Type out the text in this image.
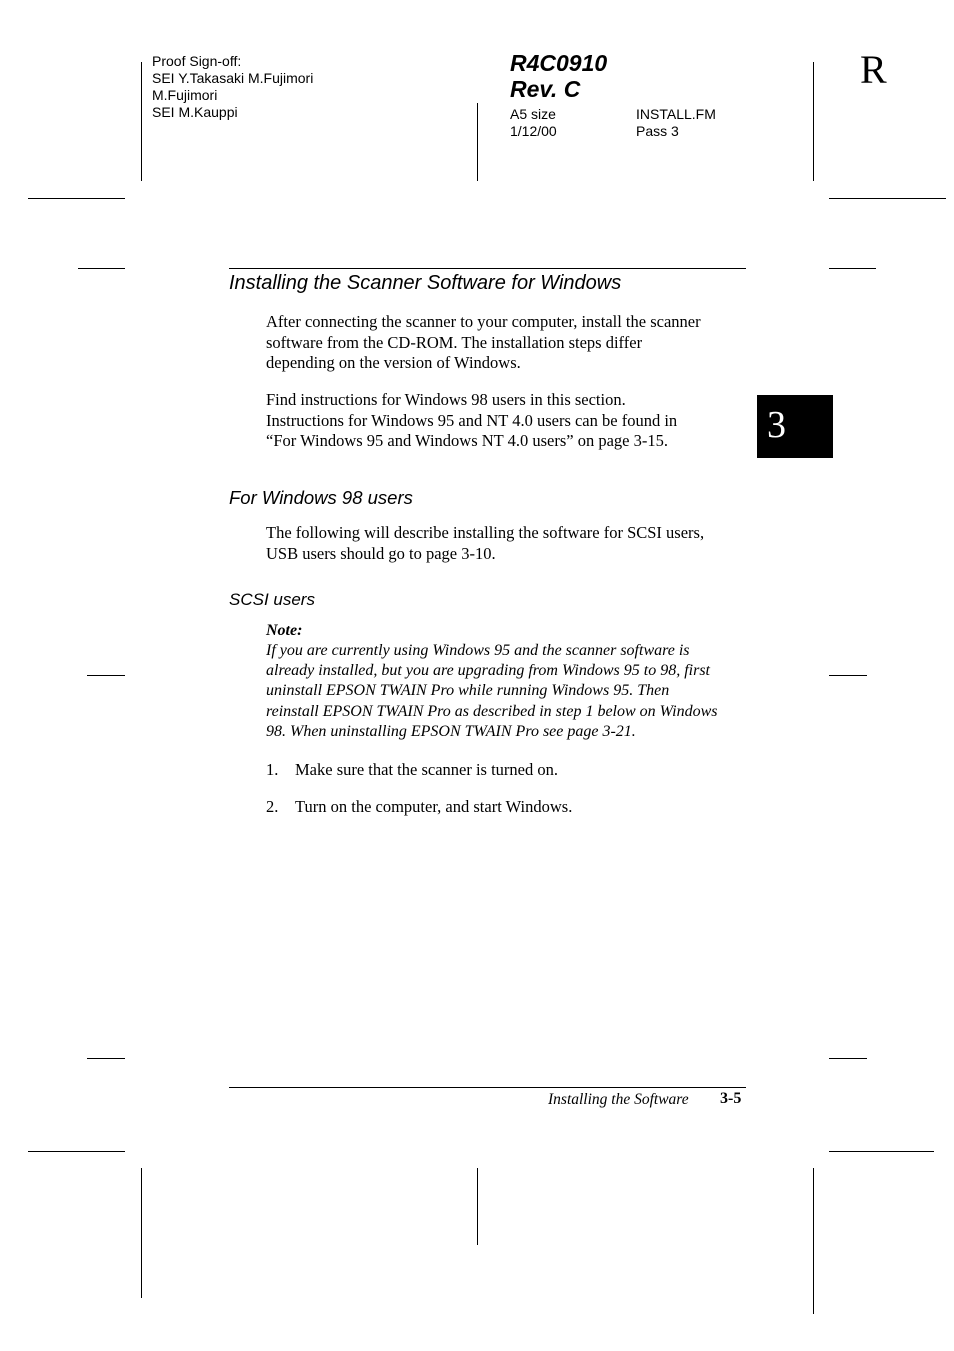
Proof Sign-off:
SEI Y.Takasaki M.Fujimori
M.Fujimori
SEI M.Kauppi
R4C0910
Rev. C
A5 size
1/12/00
INSTALL.FM
Pass 3
R
Installing the Scanner Software for Windows
After connecting the scanner to your computer, install the scanner
software from the CD-ROM. The installation steps differ
depending on the version of Windows.
Find instructions for Windows 98 users in this section.
Instructions for Windows 95 and NT 4.0 users can be found in
“For Windows 95 and Windows NT 4.0 users” on page 3-15.	3
For Windows 98 users
The following will describe installing the software for SCSI users,
USB users should go to page 3-10.
SCSI users
Note:
If you are currently using Windows 95 and the scanner software is
already installed, but you are upgrading from Windows 95 to 98, first
uninstall EPSON TWAIN Pro while running Windows 95. Then
reinstall EPSON TWAIN Pro as described in step 1 below on Windows
98. When uninstalling EPSON TWAIN Pro see page 3-21.
1. Make sure that the scanner is turned on.
2. Turn on the computer, and start Windows.
Installing the Software 3-5
